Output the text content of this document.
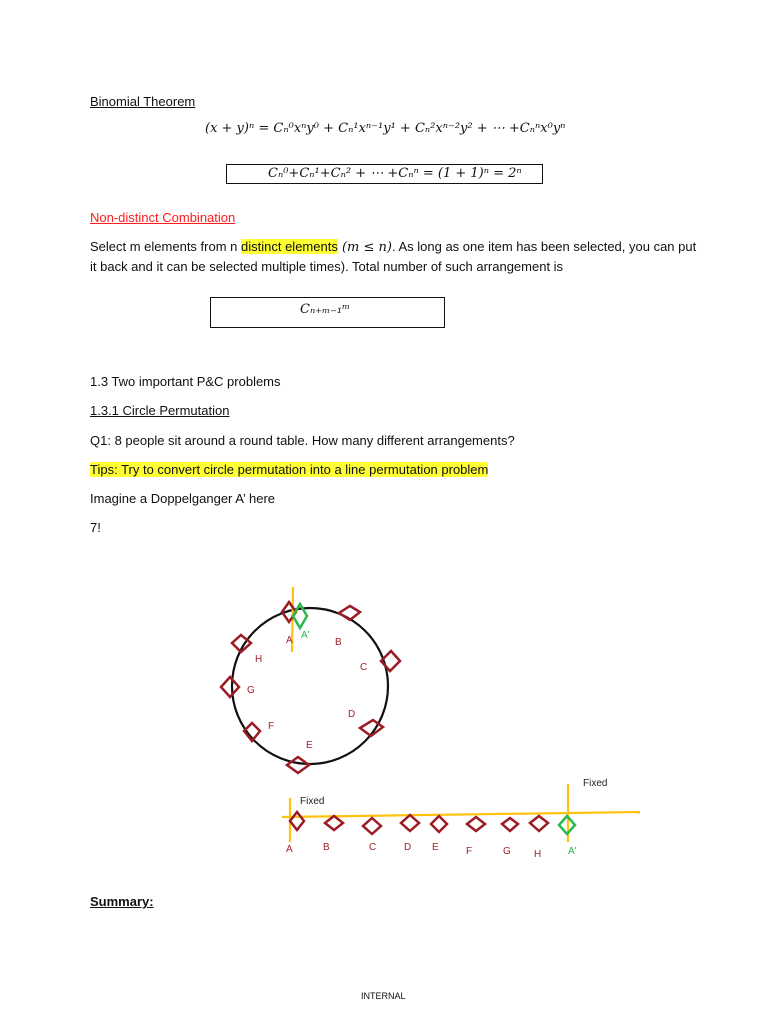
Binomial Theorem
(x + y)ⁿ = Cₙ⁰xⁿy⁰ + Cₙ¹xⁿ⁻¹y¹ + Cₙ²xⁿ⁻²y² + ⋯ +Cₙⁿx⁰yⁿ
Cₙ⁰+Cₙ¹+Cₙ² + ⋯ +Cₙⁿ = (1 + 1)ⁿ = 2ⁿ
Non-distinct Combination
Select m elements from n distinct elements (m ≤ n). As long as one item has been selected, you can put
it back and it can be selected multiple times). Total number of such arrangement is
Cₙ₊ₘ₋₁ᵐ
1.3 Two important P&C problems
1.3.1 Circle Permutation
Q1: 8 people sit around a round table. How many different arrangements?
Tips: Try to convert circle permutation into a line permutation problem
Imagine a Doppelganger A’ here
7!
A A'
B
C
D
E
F
G
H
Fixed
Fixed
A	B	C	D E	F	G H	A'
Summary:
INTERNAL
